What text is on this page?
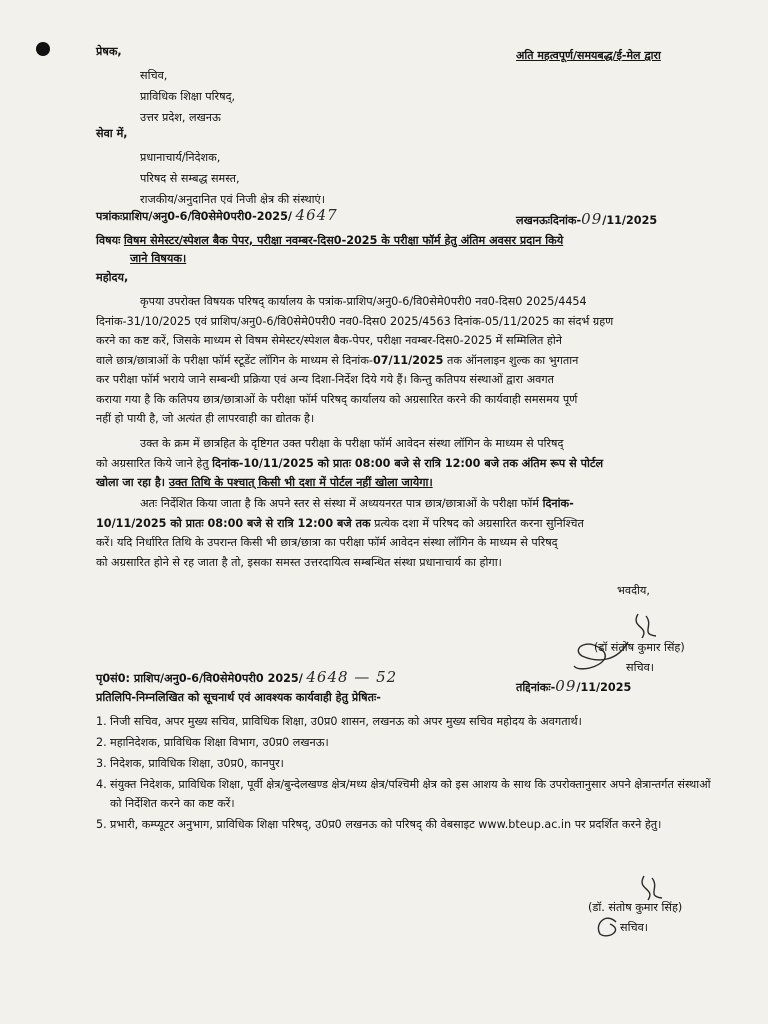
प्रेषक,	अति महत्वपूर्ण/समयबद्ध/ई-मेल द्वारा
सचिव,
प्राविधिक शिक्षा परिषद्,
उत्तर प्रदेश, लखनऊ
सेवा में,
प्रधानाचार्य/निदेशक,
परिषद से सम्बद्ध समस्त,
राजकीय/अनुदानित एवं निजी क्षेत्र की संस्थाएं।
पत्रांकःप्राशिप/अनु0-6/वि0सेमे0परी0-2025/ 4647	लखनऊःदिनांक-09/11/2025
विषयः विषम सेमेस्टर/स्पेशल बैक पेपर, परीक्षा नवम्बर-दिस0-2025 के परीक्षा फॉर्म हेतु अंतिम अवसर प्रदान किये
जाने विषयक।
महोदय,
कृपया उपरोक्त विषयक परिषद् कार्यालय के पत्रांक-प्राशिप/अनु0-6/वि0सेमे0परी0 नव0-दिस0 2025/4454
दिनांक-31/10/2025 एवं प्राशिप/अनु0-6/वि0सेमे0परी0 नव0-दिस0 2025/4563 दिनांक-05/11/2025 का संदर्भ ग्रहण
करने का कष्ट करें, जिसके माध्यम से विषम सेमेस्टर/स्पेशल बैक-पेपर, परीक्षा नवम्बर-दिस0-2025 में सम्मिलित होने
वाले छात्र/छात्राओं के परीक्षा फॉर्म स्टूडेंट लॉगिन के माध्यम से दिनांक-07/11/2025 तक ऑनलाइन शुल्क का भुगतान
कर परीक्षा फॉर्म भराये जाने सम्बन्धी प्रक्रिया एवं अन्य दिशा-निर्देश दिये गये हैं। किन्तु कतिपय संस्थाओं द्वारा अवगत
कराया गया है कि कतिपय छात्र/छात्राओं के परीक्षा फॉर्म परिषद् कार्यालय को अग्रसारित करने की कार्यवाही समसमय पूर्ण
नहीं हो पायी है, जो अत्यंत ही लापरवाही का द्योतक है।
उक्त के क्रम में छात्रहित के दृष्टिगत उक्त परीक्षा के परीक्षा फॉर्म आवेदन संस्था लॉगिन के माध्यम से परिषद्
को अग्रसारित किये जाने हेतु दिनांक-10/11/2025 को प्रातः 08:00 बजे से रात्रि 12:00 बजे तक अंतिम रूप से पोर्टल
खोला जा रहा है। उक्त तिथि के पश्चात् किसी भी दशा में पोर्टल नहीं खोला जायेगा।
अतः निर्देशित किया जाता है कि अपने स्तर से संस्था में अध्ययनरत पात्र छात्र/छात्राओं के परीक्षा फॉर्म दिनांक-
10/11/2025 को प्रातः 08:00 बजे से रात्रि 12:00 बजे तक प्रत्येक दशा में परिषद को अग्रसारित करना सुनिश्चित
करें। यदि निर्धारित तिथि के उपरान्त किसी भी छात्र/छात्रा का परीक्षा फॉर्म आवेदन संस्था लॉगिन के माध्यम से परिषद्
को अग्रसारित होने से रह जाता है तो, इसका समस्त उत्तरदायित्व सम्बन्धित संस्था प्रधानाचार्य का होगा।
भवदीय,
(डॉ संतोष कुमार सिंह)
सचिव।
पृ0सं0: प्राशिप/अनु0-6/वि0सेमे0परी0 2025/ 4648 — 52
तद्दिनांकः-09/11/2025
प्रतिलिपि-निम्नलिखित को सूचनार्थ एवं आवश्यक कार्यवाही हेतु प्रेषितः-
1. निजी सचिव, अपर मुख्य सचिव, प्राविधिक शिक्षा, उ0प्र0 शासन, लखनऊ को अपर मुख्य सचिव महोदय के अवगतार्थ।
2. महानिदेशक, प्राविधिक शिक्षा विभाग, उ0प्र0 लखनऊ।
3. निदेशक, प्राविधिक शिक्षा, उ0प्र0, कानपुर।
4. संयुक्त निदेशक, प्राविधिक शिक्षा, पूर्वी क्षेत्र/बुन्देलखण्ड क्षेत्र/मध्य क्षेत्र/पश्चिमी क्षेत्र को इस आशय के साथ कि उपरोक्तानुसार अपने क्षेत्रान्तर्गत संस्थाओं को निर्देशित करने का कष्ट करें।
5. प्रभारी, कम्प्यूटर अनुभाग, प्राविधिक शिक्षा परिषद्, उ0प्र0 लखनऊ को परिषद् की वेबसाइट www.bteup.ac.in पर प्रदर्शित करने हेतु।
(डॉ. संतोष कुमार सिंह)
सचिव।
